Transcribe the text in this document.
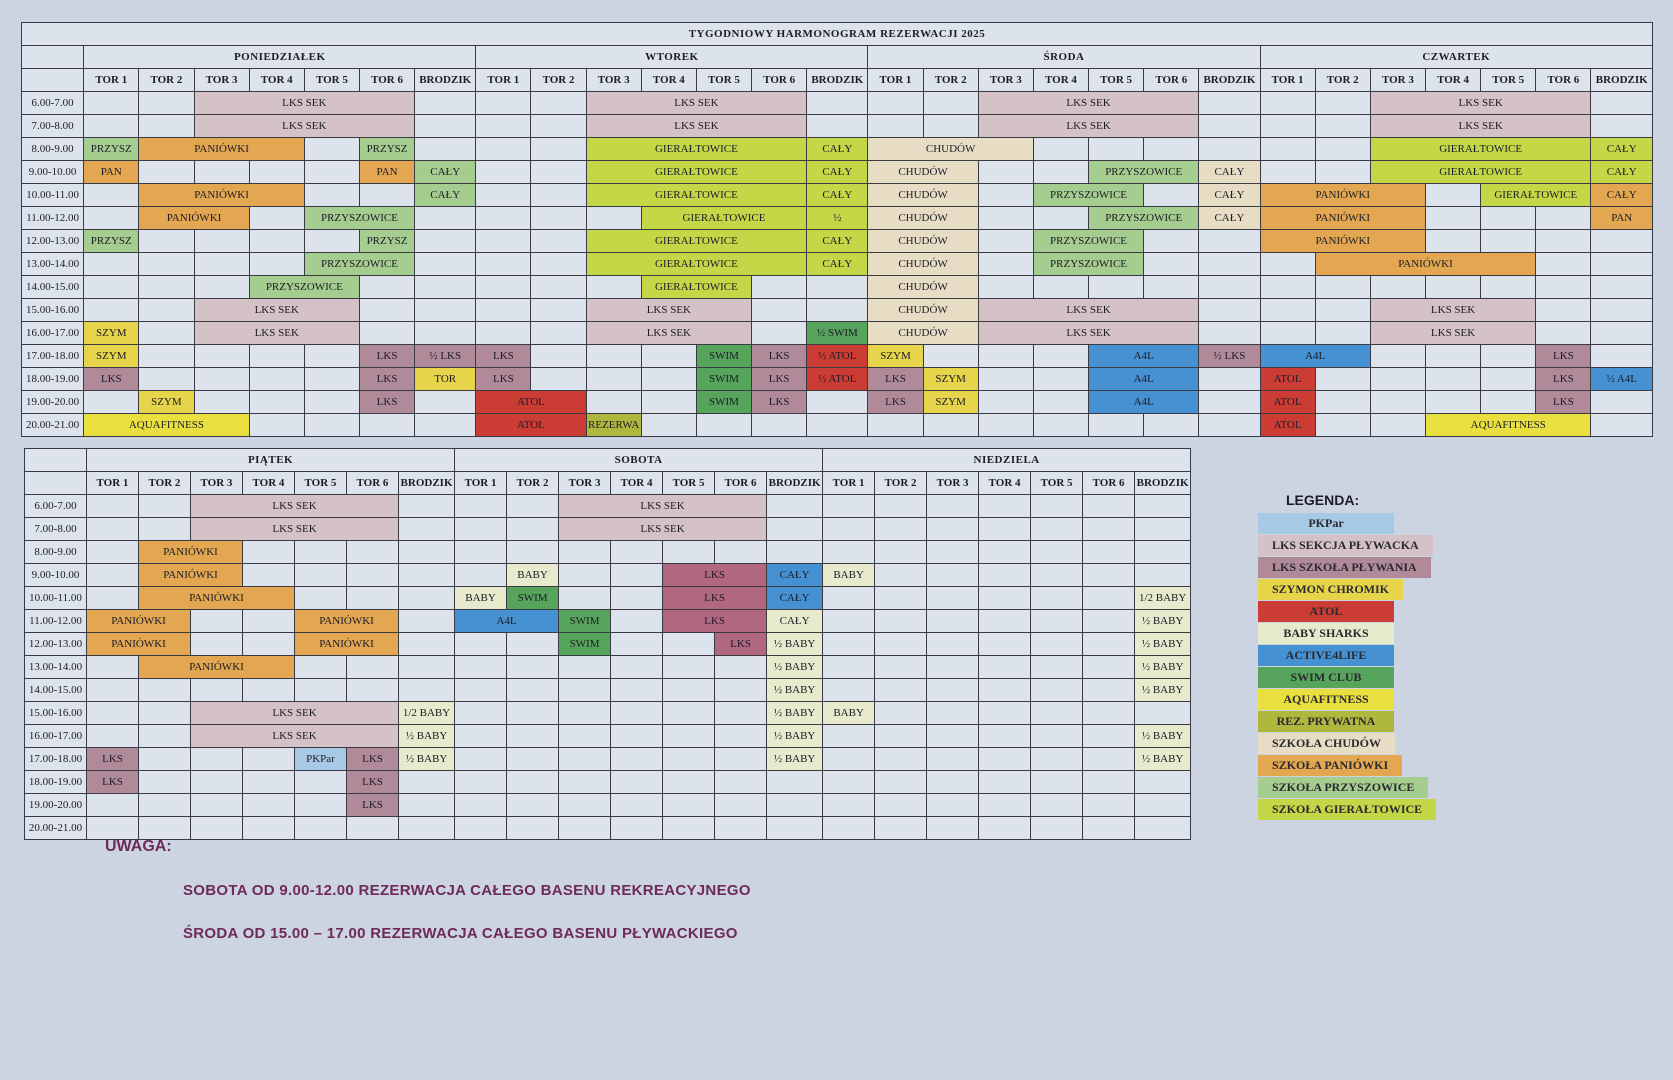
TYGODNIOWY HARMONOGRAM REZERWACJI 2025																												
	PONIEDZIAŁEK							WTOREK							ŚRODA							CZWARTEK						
	TOR 1	TOR 2	TOR 3	TOR 4	TOR 5	TOR 6	BRODZIK	TOR 1	TOR 2	TOR 3	TOR 4	TOR 5	TOR 6	BRODZIK	TOR 1	TOR 2	TOR 3	TOR 4	TOR 5	TOR 6	BRODZIK	TOR 1	TOR 2	TOR 3	TOR 4	TOR 5	TOR 6	BRODZIK
6.00-7.00			LKS SEK							LKS SEK							LKS SEK							LKS SEK				
7.00-8.00			LKS SEK							LKS SEK							LKS SEK							LKS SEK				
8.00-9.00	PRZYSZ	PANIÓWKI				PRZYSZ				GIERAŁTOWICE				CAŁY	CHUDÓW									GIERAŁTOWICE				CAŁY
9.00-10.00	PAN					PAN	CAŁY			GIERAŁTOWICE				CAŁY	CHUDÓW				PRZYSZOWICE		CAŁY			GIERAŁTOWICE				CAŁY
10.00-11.00		PANIÓWKI					CAŁY			GIERAŁTOWICE				CAŁY	CHUDÓW			PRZYSZOWICE			CAŁY	PANIÓWKI				GIERAŁTOWICE		CAŁY
11.00-12.00		PANIÓWKI			PRZYSZOWICE						GIERAŁTOWICE			½	CHUDÓW				PRZYSZOWICE		CAŁY	PANIÓWKI						PAN
12.00-13.00	PRZYSZ					PRZYSZ				GIERAŁTOWICE				CAŁY	CHUDÓW			PRZYSZOWICE				PANIÓWKI						
13.00-14.00					PRZYSZOWICE					GIERAŁTOWICE				CAŁY	CHUDÓW			PRZYSZOWICE					PANIÓWKI					
14.00-15.00				PRZYSZOWICE							GIERAŁTOWICE				CHUDÓW													
15.00-16.00			LKS SEK							LKS SEK					CHUDÓW		LKS SEK							LKS SEK				
16.00-17.00	SZYM		LKS SEK							LKS SEK				½ SWIM	CHUDÓW		LKS SEK							LKS SEK				
17.00-18.00	SZYM					LKS	½ LKS	LKS				SWIM	LKS	½ ATOL	SZYM				A4L		½ LKS	A4L					LKS	
18.00-19.00	LKS					LKS	TOR	LKS				SWIM	LKS	½ ATOL	LKS	SZYM			A4L			ATOL					LKS	½ A4L
19.00-20.00		SZYM				LKS		ATOL				SWIM	LKS		LKS	SZYM			A4L			ATOL					LKS	
20.00-21.00	AQUAFITNESS							ATOL		REZERWA												ATOL			AQUAFITNESS			
	PIĄTEK							SOBOTA							NIEDZIELA						
	TOR 1	TOR 2	TOR 3	TOR 4	TOR 5	TOR 6	BRODZIK	TOR 1	TOR 2	TOR 3	TOR 4	TOR 5	TOR 6	BRODZIK	TOR 1	TOR 2	TOR 3	TOR 4	TOR 5	TOR 6	BRODZIK
6.00-7.00			LKS SEK							LKS SEK											
7.00-8.00			LKS SEK							LKS SEK											
8.00-9.00		PANIÓWKI																			
9.00-10.00		PANIÓWKI							BABY			LKS		CAŁY	BABY						
10.00-11.00		PANIÓWKI						BABY	SWIM			LKS		CAŁY							1/2 BABY
11.00-12.00	PANIÓWKI				PANIÓWKI			A4L		SWIM		LKS		CAŁY							½ BABY
12.00-13.00	PANIÓWKI				PANIÓWKI					SWIM			LKS	½ BABY							½ BABY
13.00-14.00		PANIÓWKI												½ BABY							½ BABY
14.00-15.00														½ BABY							½ BABY
15.00-16.00			LKS SEK				1/2 BABY							½ BABY	BABY						
16.00-17.00			LKS SEK				½ BABY							½ BABY							½ BABY
17.00-18.00	LKS				PKPar	LKS	½ BABY							½ BABY							½ BABY
18.00-19.00	LKS					LKS															
19.00-20.00						LKS															
20.00-21.00																					
LEGENDA:
PKPar
LKS SEKCJA PŁYWACKA
LKS SZKOŁA PŁYWANIA
SZYMON CHROMIK
ATOL
BABY SHARKS
ACTIVE4LIFE
SWIM CLUB
AQUAFITNESS
REZ. PRYWATNA
SZKOŁA CHUDÓW
SZKOŁA PANIÓWKI
SZKOŁA PRZYSZOWICE
SZKOŁA GIERAŁTOWICE
UWAGA:
SOBOTA OD 9.00-12.00 REZERWACJA CAŁEGO BASENU REKREACYJNEGO
ŚRODA OD 15.00 – 17.00 REZERWACJA CAŁEGO BASENU PŁYWACKIEGO
